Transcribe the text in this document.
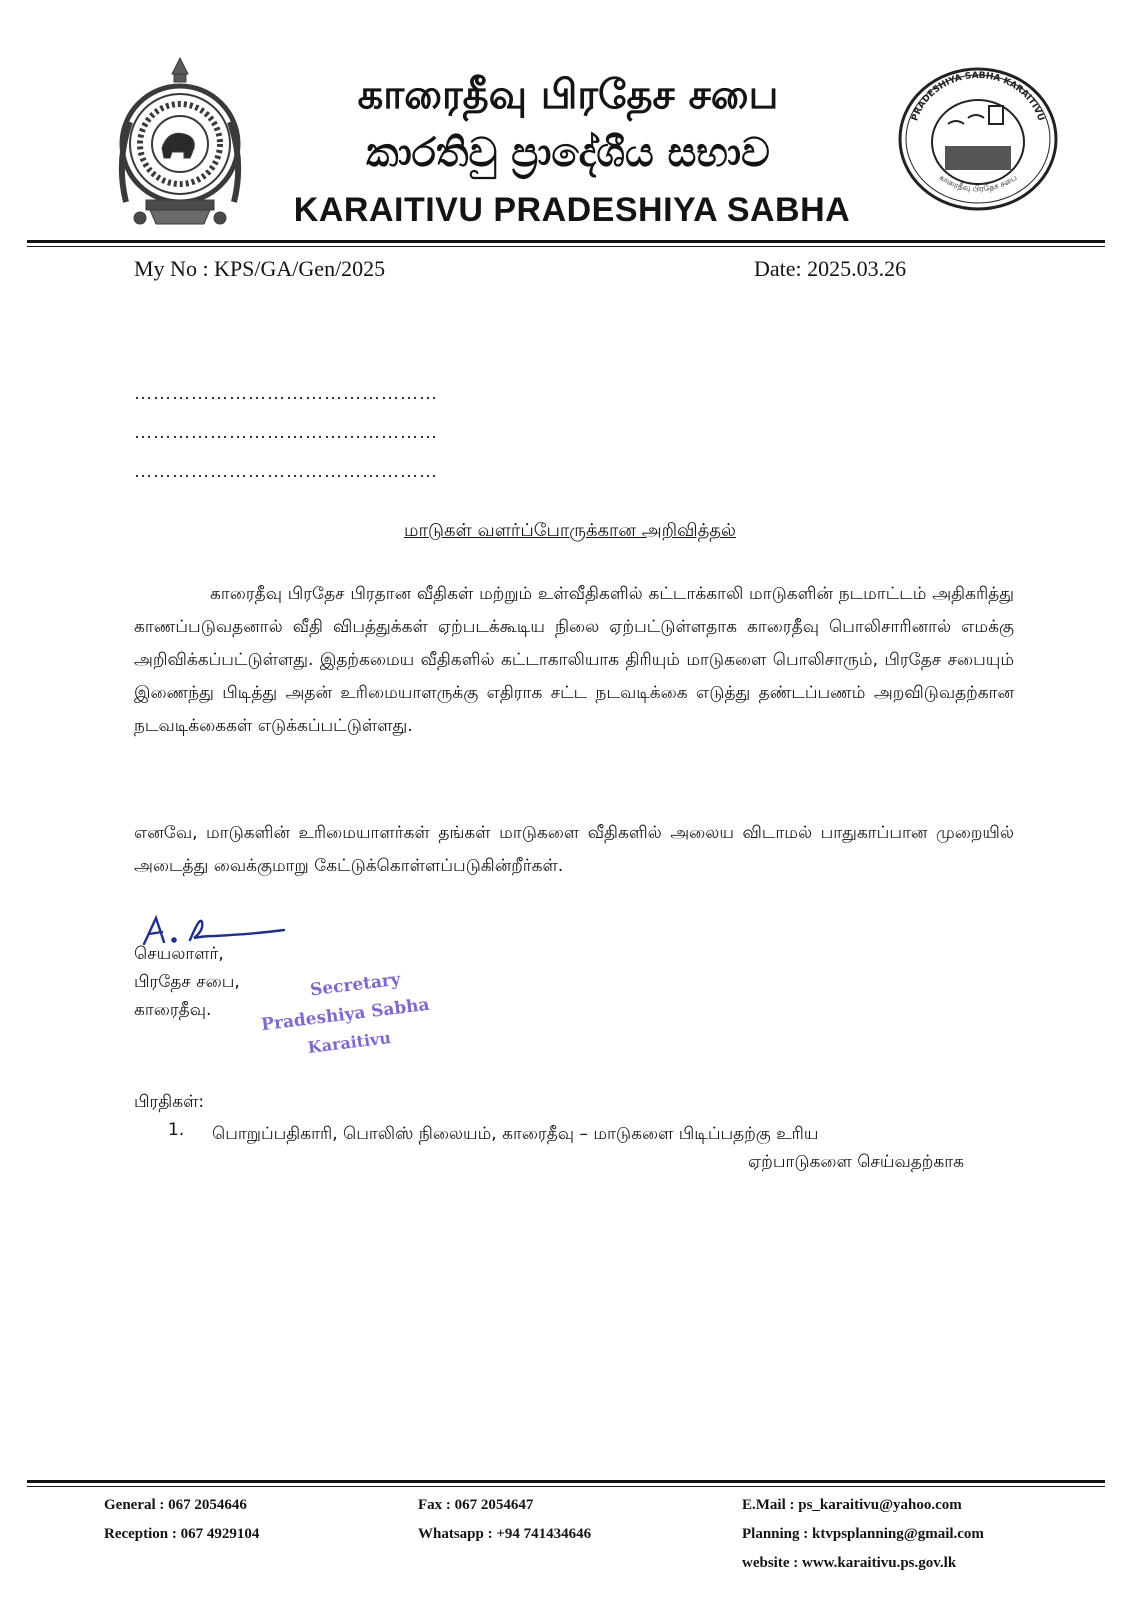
காரைதீவு பிரதேச சபை
කාරතිවු ප්‍රාදේශීය සභාව
KARAITIVU PRADESHIYA SABHA
PRADESHIYA SABHA KARAITIVU
காரைதீவு பிரதேச சபை
My No : KPS/GA/Gen/2025	Date: 2025.03.26
…………………………………………
…………………………………………
…………………………………………
மாடுகள் வளர்ப்போருக்கான அறிவித்தல்

காரைதீவு பிரதேச பிரதான வீதிகள் மற்றும் உள்வீதிகளில் கட்டாக்காலி மாடுகளின் நடமாட்டம் அதிகரித்து காணப்படுவதனால் வீதி விபத்துக்கள் ஏற்படக்கூடிய நிலை ஏற்பட்டுள்ளதாக காரைதீவு பொலிசாரினால் எமக்கு அறிவிக்கப்பட்டுள்ளது. இதற்கமைய வீதிகளில் கட்டாகாலியாக திரியும் மாடுகளை பொலிசாரும், பிரதேச சபையும் இணைந்து பிடித்து அதன் உரிமையாளருக்கு எதிராக சட்ட நடவடிக்கை எடுத்து தண்டப்பணம் அறவிடுவதற்கான நடவடிக்கைகள் எடுக்கப்பட்டுள்ளது.

எனவே, மாடுகளின் உரிமையாளர்கள் தங்கள் மாடுகளை வீதிகளில் அலைய விடாமல் பாதுகாப்பான முறையில் அடைத்து வைக்குமாறு கேட்டுக்கொள்ளப்படுகின்றீர்கள்.

செயலாளர்,
பிரதேச சபை,
காரைதீவு.
Secretary
Pradeshiya Sabha
Karaitivu
பிரதிகள்:
1. பொறுப்பதிகாரி, பொலிஸ் நிலையம், காரைதீவு – மாடுகளை பிடிப்பதற்கு உரிய
ஏற்பாடுகளை செய்வதற்காக
General : 067 2054646
Reception : 067 4929104
Fax : 067 2054647
Whatsapp : +94 741434646
E.Mail : ps_karaitivu@yahoo.com
Planning : ktvpsplanning@gmail.com
website : www.karaitivu.ps.gov.lk
